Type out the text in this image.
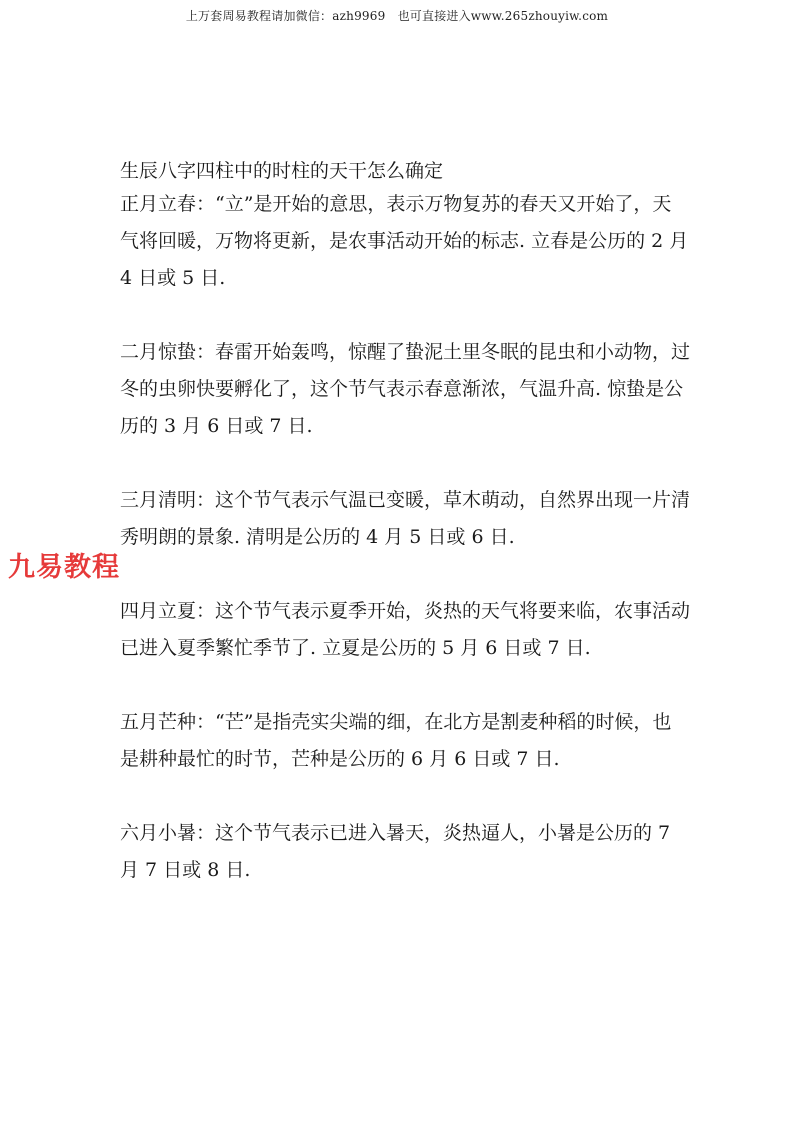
上万套周易教程请加微信：azh9969　也可直接进入www.265zhouyiw.com

生辰八字四柱中的时柱的天干怎么确定

正月立春：“立”是开始的意思，表示万物复苏的春天又开始了，天气将回暖，万物将更新，是农事活动开始的标志. 立春是公历的 2 月 4 日或 5 日.

二月惊蛰：春雷开始轰鸣，惊醒了蛰泥土里冬眠的昆虫和小动物，过冬的虫卵快要孵化了，这个节气表示春意渐浓，气温升高. 惊蛰是公历的 3 月 6 日或 7 日.

三月清明：这个节气表示气温已变暖，草木萌动，自然界出现一片清秀明朗的景象. 清明是公历的 4 月 5 日或 6 日.

四月立夏：这个节气表示夏季开始，炎热的天气将要来临，农事活动已进入夏季繁忙季节了. 立夏是公历的 5 月 6 日或 7 日.

五月芒种：“芒”是指壳实尖端的细，在北方是割麦种稻的时候，也是耕种最忙的时节，芒种是公历的 6 月 6 日或 7 日.

六月小暑：这个节气表示已进入暑天，炎热逼人，小暑是公历的 7 月 7 日或 8 日.

九易教程
